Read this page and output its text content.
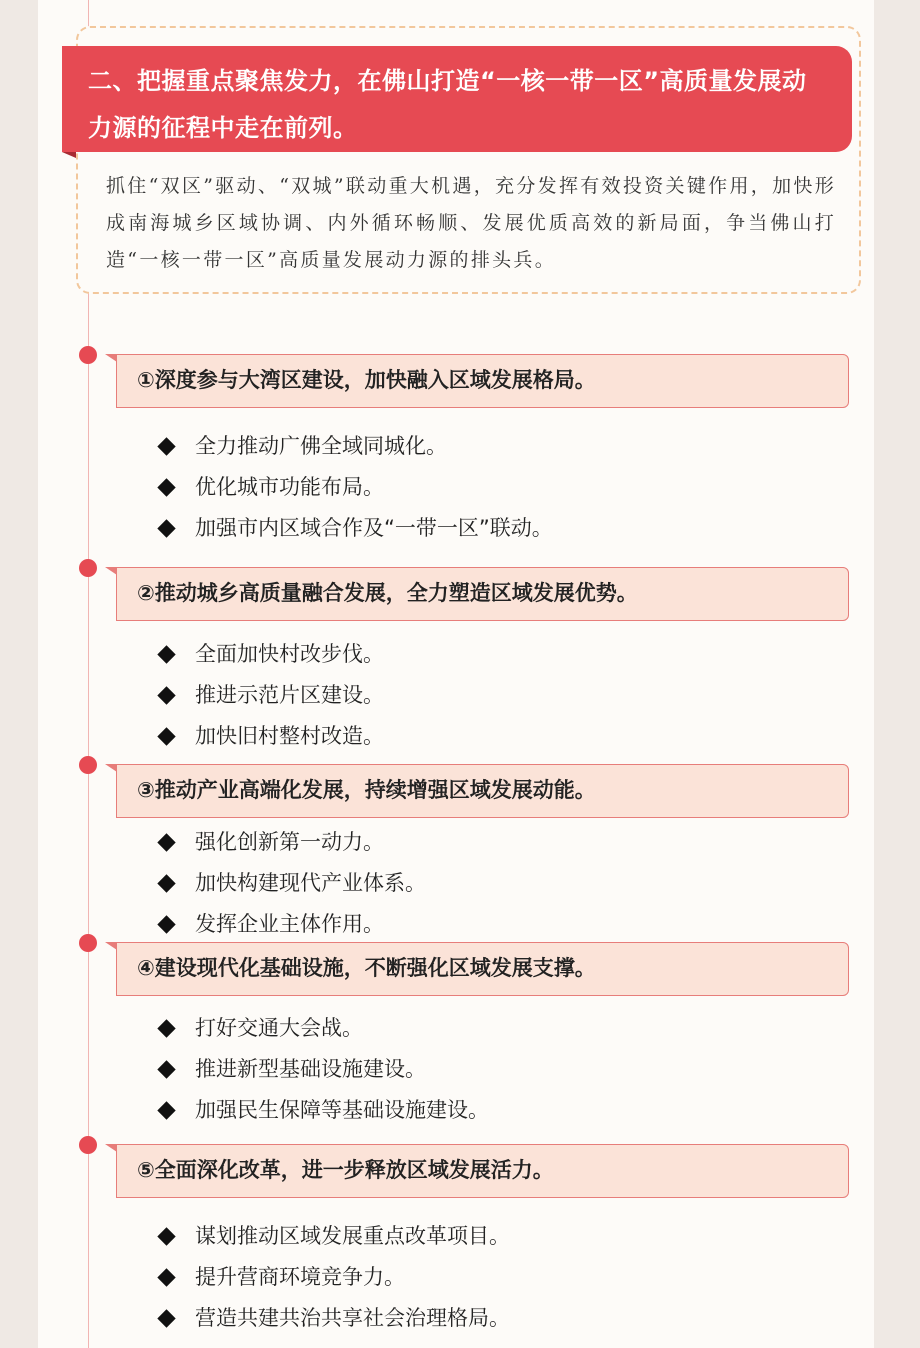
二、把握重点聚焦发力，在佛山打造“一核一带一区”高质量发展动力源的征程中走在前列。
抓住“双区”驱动、“双城”联动重大机遇，充分发挥有效投资关键作用，加快形成南海城乡区域协调、内外循环畅顺、发展优质高效的新局面，争当佛山打造“一核一带一区”高质量发展动力源的排头兵。
①深度参与大湾区建设，加快融入区域发展格局。
全力推动广佛全域同城化。
优化城市功能布局。
加强市内区域合作及“一带一区”联动。
②推动城乡高质量融合发展，全力塑造区域发展优势。
全面加快村改步伐。
推进示范片区建设。
加快旧村整村改造。
③推动产业高端化发展，持续增强区域发展动能。
强化创新第一动力。
加快构建现代产业体系。
发挥企业主体作用。
④建设现代化基础设施，不断强化区域发展支撑。
打好交通大会战。
推进新型基础设施建设。
加强民生保障等基础设施建设。
⑤全面深化改革，进一步释放区域发展活力。
谋划推动区域发展重点改革项目。
提升营商环境竞争力。
营造共建共治共享社会治理格局。
